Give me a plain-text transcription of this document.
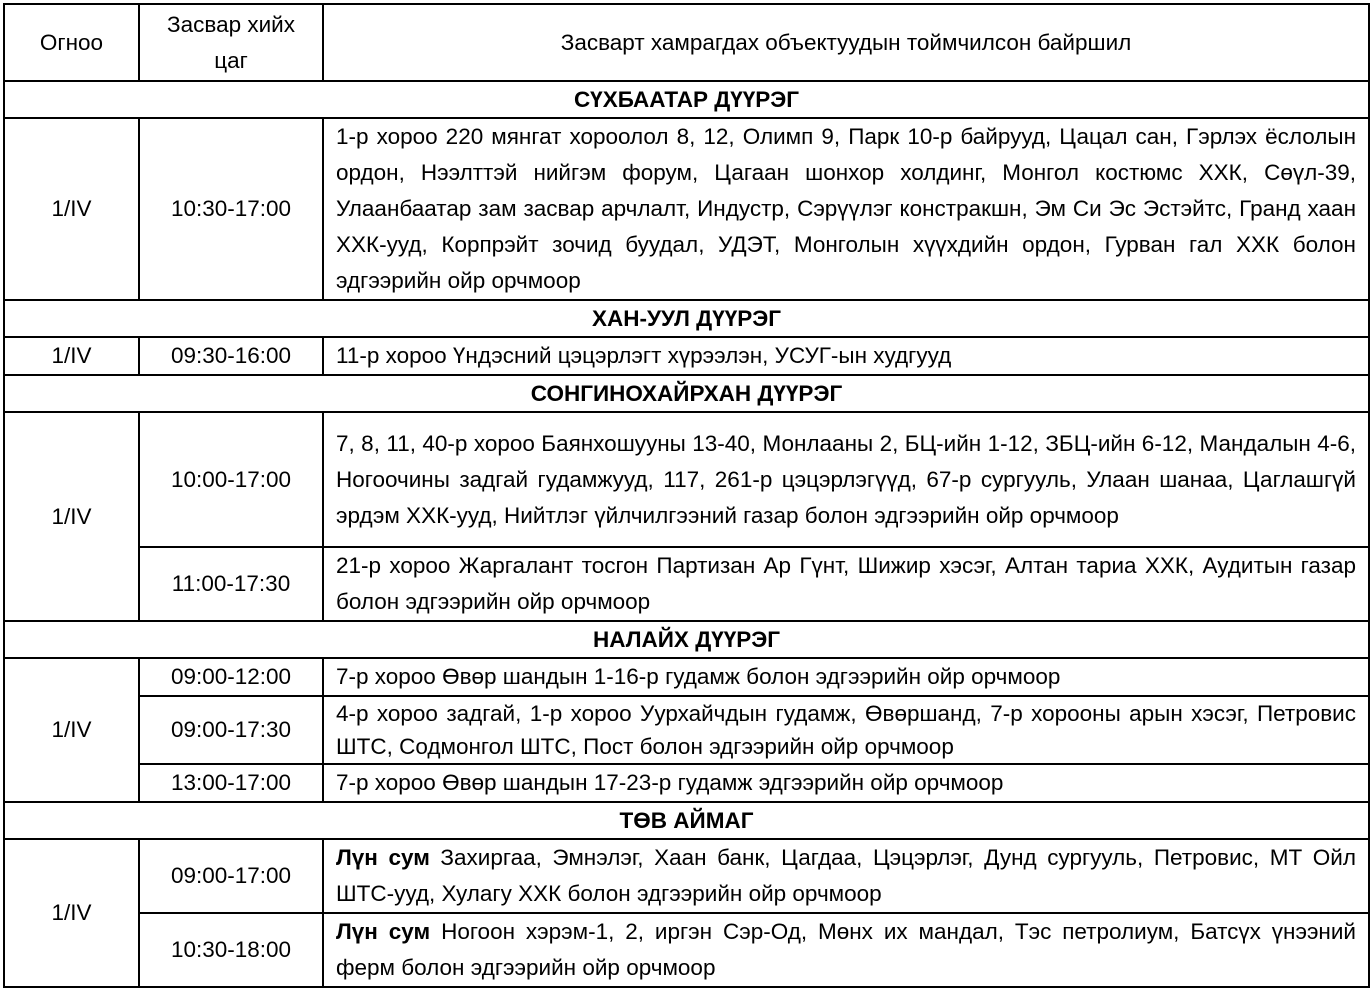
Огноо	Засвар хийх цаг	Засварт хамрагдах объектуудын тоймчилсон байршил
СҮХБААТАР ДҮҮРЭГ		
1/IV	10:30-17:00	1-р хороо 220 мянгат хороолол 8, 12, Олимп 9, Парк 10-р байрууд, Цацал сан, Гэрлэх ёслолын ордон, Нээлттэй нийгэм форум, Цагаан шонхор холдинг, Монгол костюмс ХХК, Сөүл-39, Улаанбаатар зам засвар арчлалт, Индустр, Сэрүүлэг констракшн, Эм Си Эс Эстэйтс, Гранд хаан ХХК-ууд, Корпрэйт зочид буудал, УДЭТ, Монголын хүүхдийн ордон, Гурван гал ХХК болон эдгээрийн ойр орчмоор
ХАН-УУЛ ДҮҮРЭГ		
1/IV	09:30-16:00	11-р хороо Үндэсний цэцэрлэгт хүрээлэн, УСУГ-ын худгууд
СОНГИНОХАЙРХАН ДҮҮРЭГ		
1/IV	10:00-17:00	7, 8, 11, 40-р хороо Баянхошууны 13-40, Монлааны 2, БЦ-ийн 1-12, ЗБЦ-ийн 6-12, Мандалын 4-6, Ногоочины задгай гудамжууд, 117, 261-р цэцэрлэгүүд, 67-р сургууль, Улаан шанаа, Цаглашгүй эрдэм ХХК-ууд, Нийтлэг үйлчилгээний газар болон эдгээрийн ойр орчмоор
	11:00-17:30	21-р хороо Жаргалант тосгон Партизан Ар Гүнт, Шижир хэсэг, Алтан тариа ХХК, Аудитын газар болон эдгээрийн ойр орчмоор
НАЛАЙХ ДҮҮРЭГ		
1/IV	09:00-12:00	7-р хороо Өвөр шандын 1-16-р гудамж болон эдгээрийн ойр орчмоор
	09:00-17:30	4-р хороо задгай, 1-р хороо Уурхайчдын гудамж, Өвөршанд, 7-р хорооны арын хэсэг, Петровис ШТС, Содмонгол ШТС, Пост болон эдгээрийн ойр орчмоор
	13:00-17:00	7-р хороо Өвөр шандын 17-23-р гудамж эдгээрийн ойр орчмоор
ТӨВ АЙМАГ		
1/IV	09:00-17:00	Лүн сум Захиргаа, Эмнэлэг, Хаан банк, Цагдаа, Цэцэрлэг, Дунд сургууль, Петровис, МТ Ойл ШТС-ууд, Хулагу ХХК болон эдгээрийн ойр орчмоор
	10:30-18:00	Лүн сум Ногоон хэрэм-1, 2, иргэн Сэр-Од, Мөнх их мандал, Тэс петролиум, Батсүх үнээний ферм болон эдгээрийн ойр орчмоор
